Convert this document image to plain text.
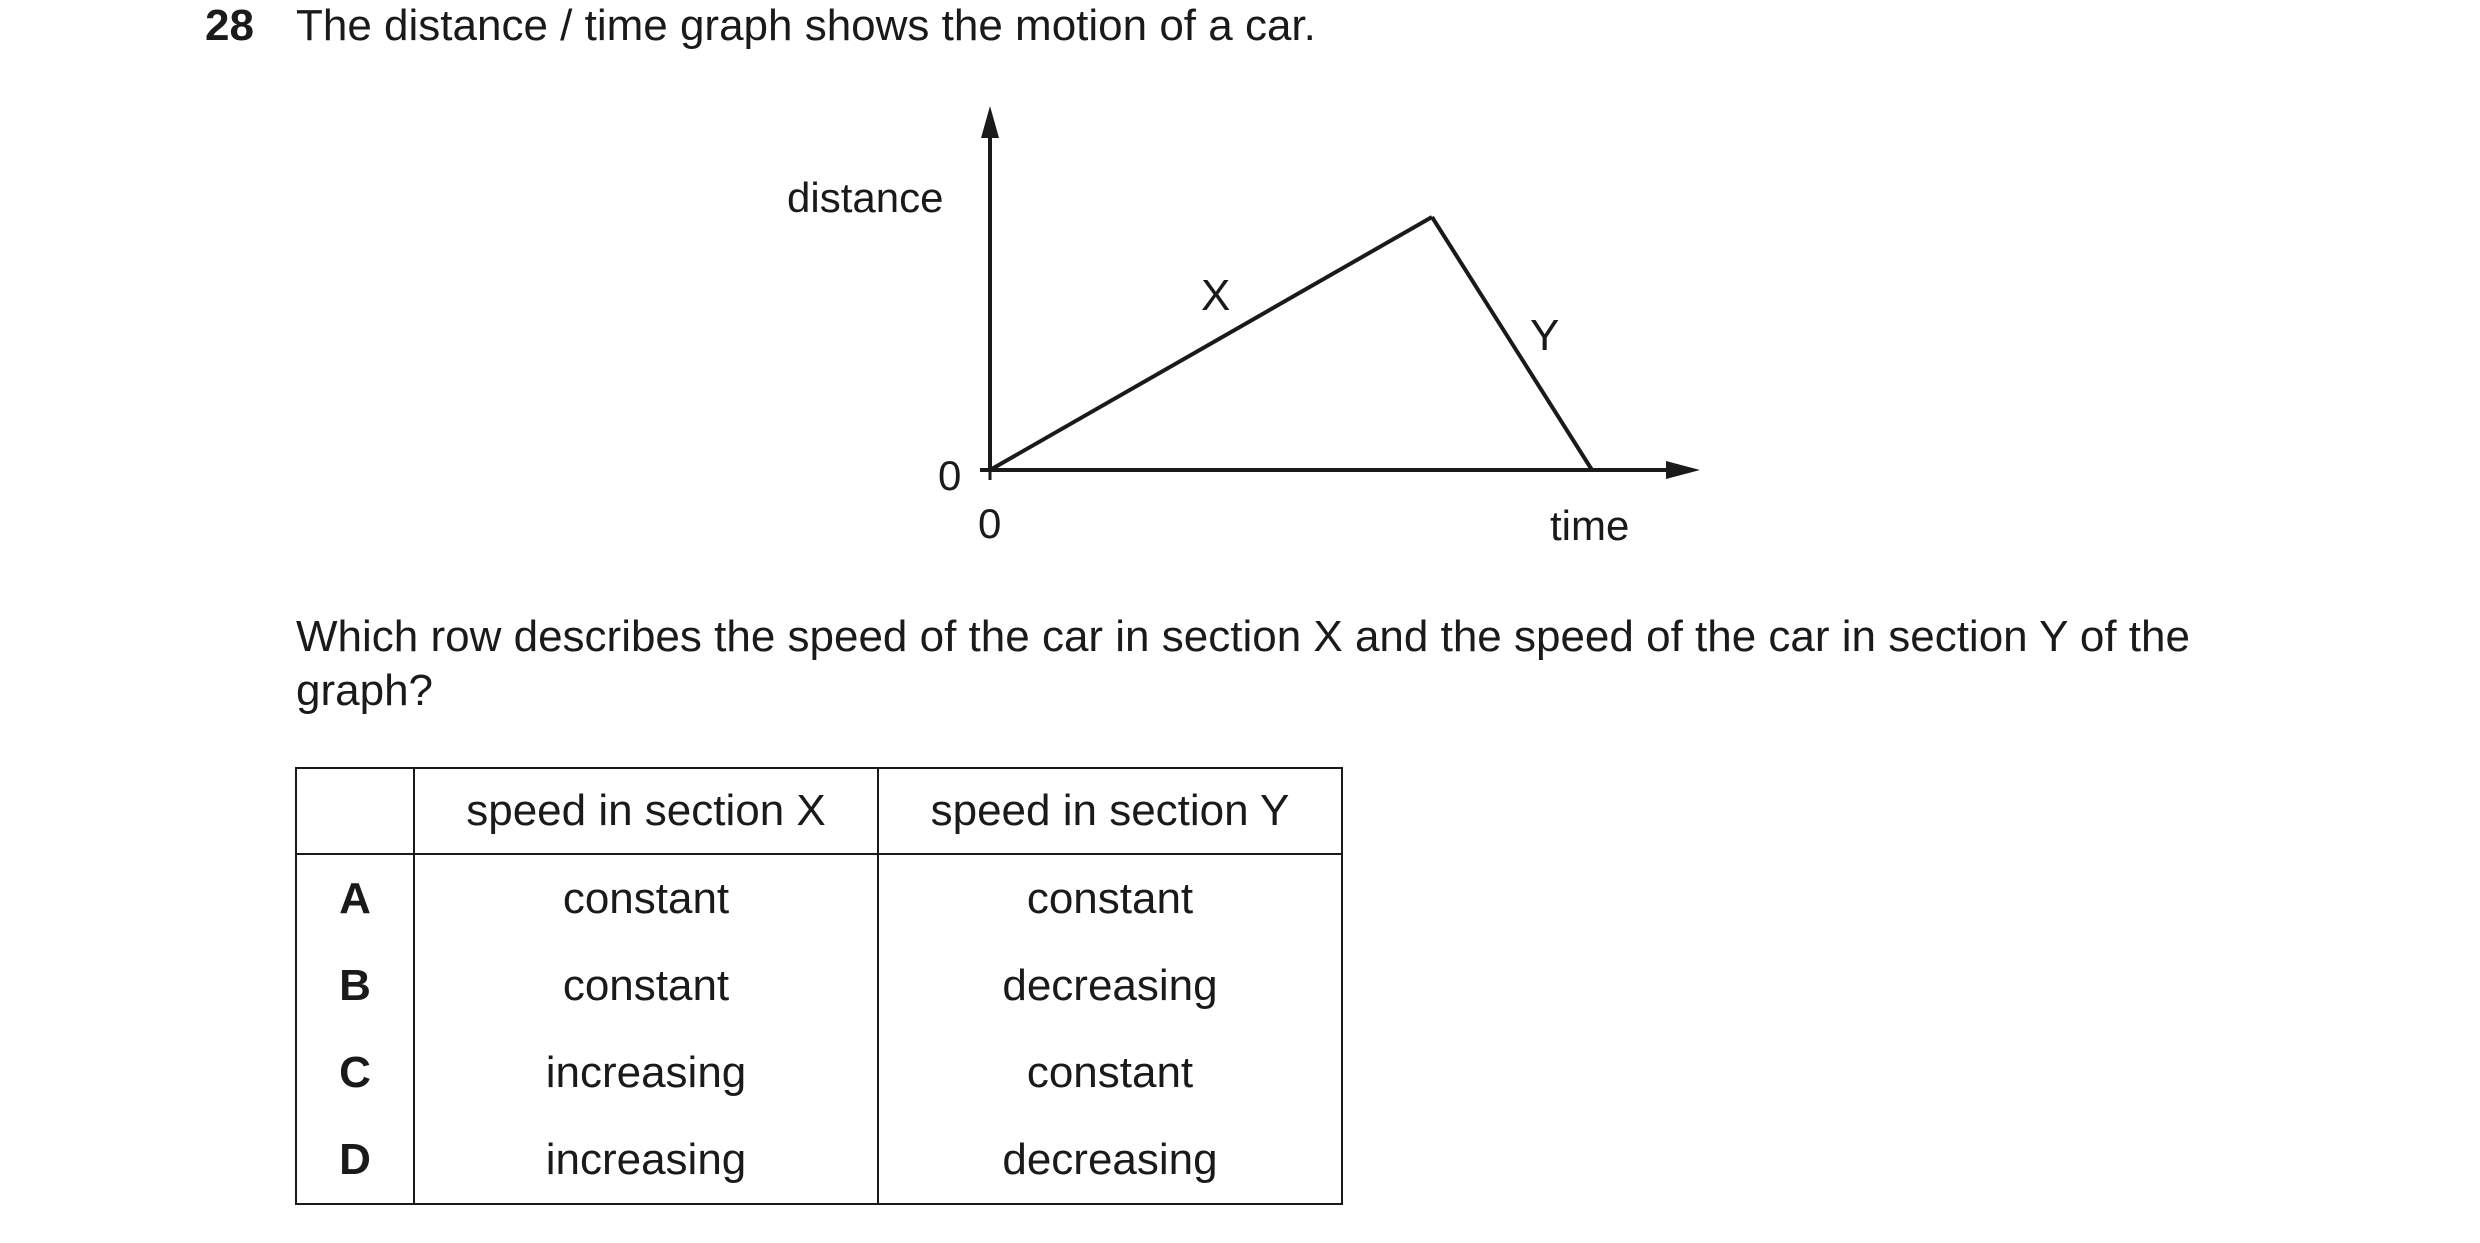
28 The distance / time graph shows the motion of a car.
distance
time
0
0
X
Y
Which row describes the speed of the car in section X and the speed of the car in section Y of the graph?
	speed in section X	speed in section Y
A	constant	constant
B	constant	decreasing
C	increasing	constant
D	increasing	decreasing
